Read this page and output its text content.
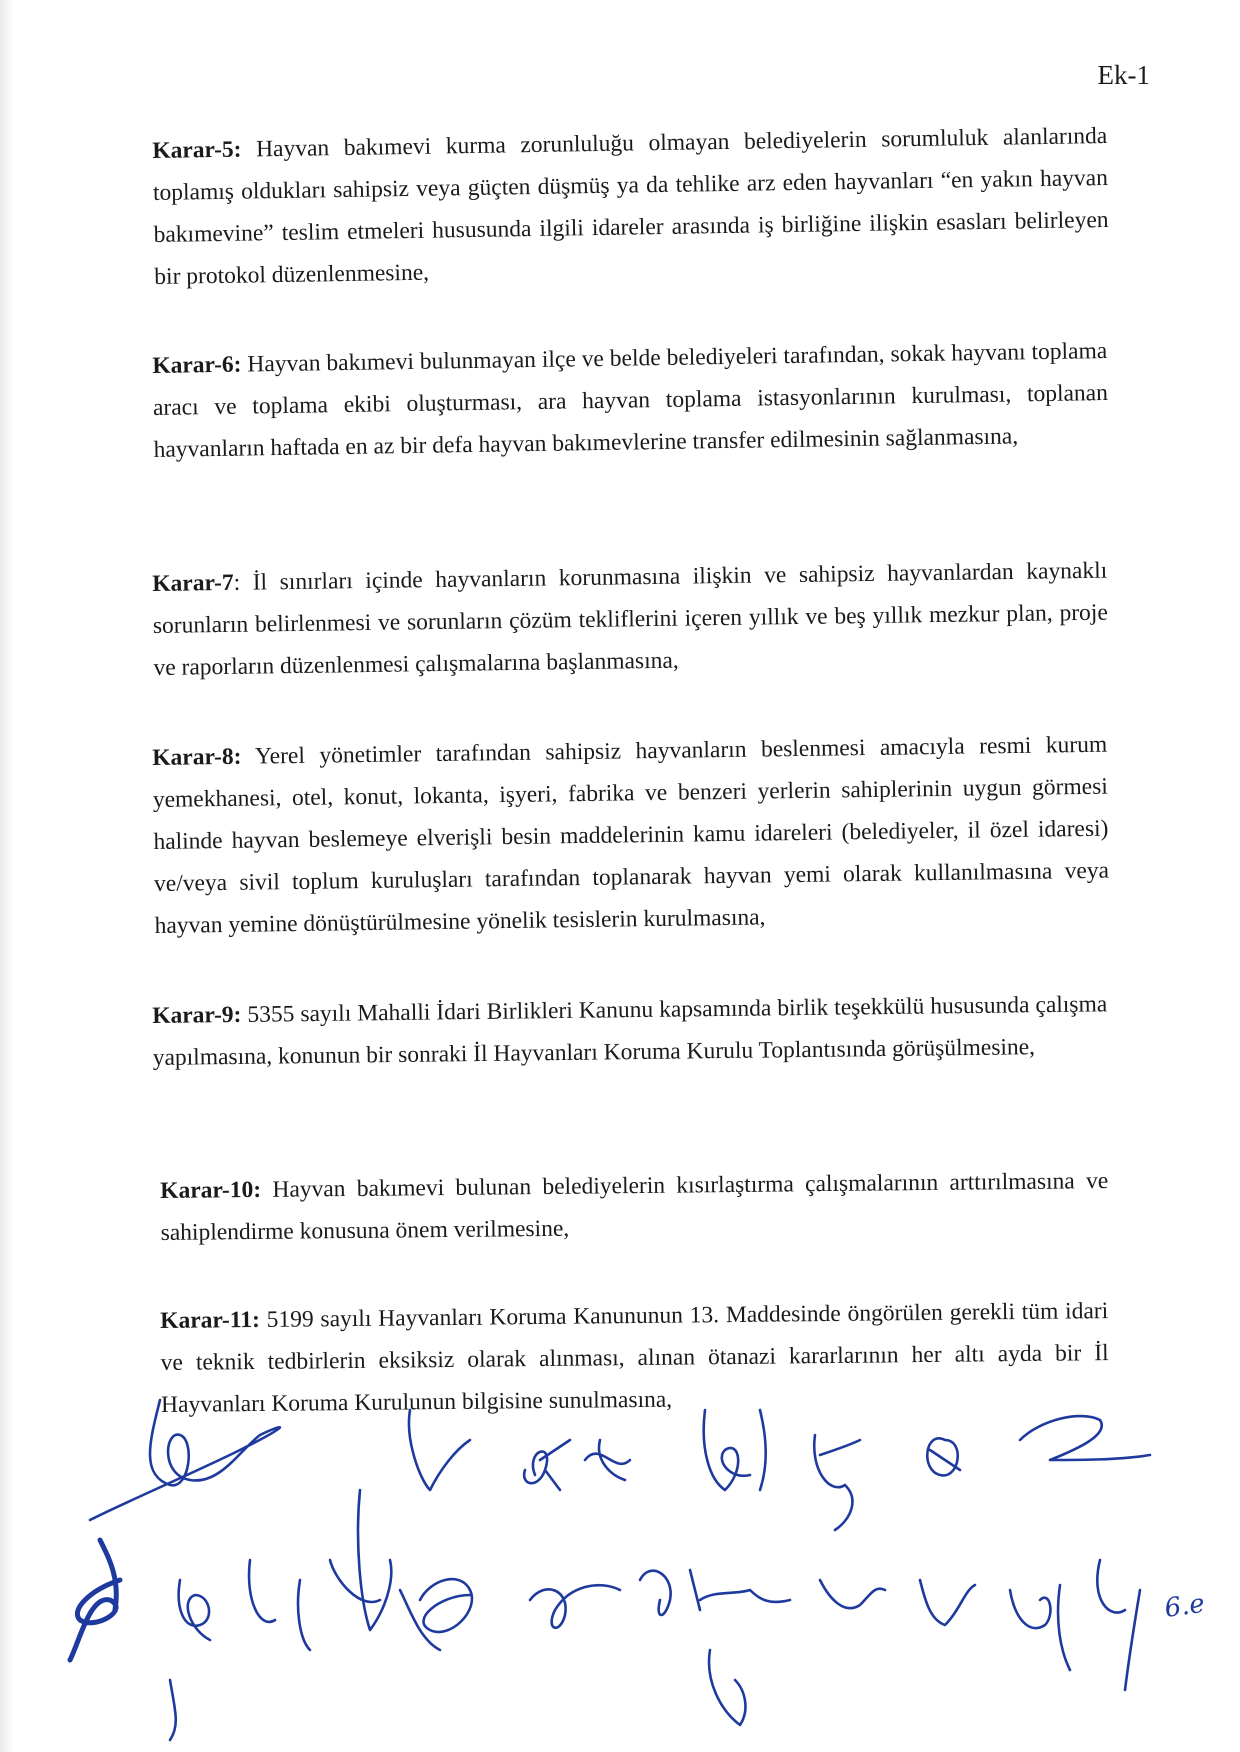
Ek-1
Karar-5: Hayvan bakımevi kurma zorunluluğu olmayan belediyelerin sorumluluk alanlarında toplamış oldukları sahipsiz veya güçten düşmüş ya da tehlike arz eden hayvanları “en yakın hayvan bakımevine” teslim etmeleri hususunda ilgili idareler arasında iş birliğine ilişkin esasları belirleyen bir protokol düzenlenmesine,
Karar-6: Hayvan bakımevi bulunmayan ilçe ve belde belediyeleri tarafından, sokak hayvanı toplama aracı ve toplama ekibi oluşturması, ara hayvan toplama istasyonlarının kurulması, toplanan hayvanların haftada en az bir defa hayvan bakımevlerine transfer edilmesinin sağlanmasına,
Karar-7: İl sınırları içinde hayvanların korunmasına ilişkin ve sahipsiz hayvanlardan kaynaklı sorunların belirlenmesi ve sorunların çözüm tekliflerini içeren yıllık ve beş yıllık mezkur plan, proje ve raporların düzenlenmesi çalışmalarına başlanmasına,
Karar-8: Yerel yönetimler tarafından sahipsiz hayvanların beslenmesi amacıyla resmi kurum yemekhanesi, otel, konut, lokanta, işyeri, fabrika ve benzeri yerlerin sahiplerinin uygun görmesi halinde hayvan beslemeye elverişli besin maddelerinin kamu idareleri (belediyeler, il özel idaresi) ve/veya sivil toplum kuruluşları tarafından toplanarak hayvan yemi olarak kullanılmasına veya hayvan yemine dönüştürülmesine yönelik tesislerin kurulmasına,
Karar-9: 5355 sayılı Mahalli İdari Birlikleri Kanunu kapsamında birlik teşekkülü hususunda çalışma yapılmasına, konunun bir sonraki İl Hayvanları Koruma Kurulu Toplantısında görüşülmesine,
Karar-10: Hayvan bakımevi bulunan belediyelerin kısırlaştırma çalışmalarının arttırılmasına ve sahiplendirme konusuna önem verilmesine,
Karar-11: 5199 sayılı Hayvanları Koruma Kanununun 13. Maddesinde öngörülen gerekli tüm idari ve teknik tedbirlerin eksiksiz olarak alınması, alınan ötanazi kararlarının her altı ayda bir İl Hayvanları Koruma Kurulunun bilgisine sunulmasına,
6.e
